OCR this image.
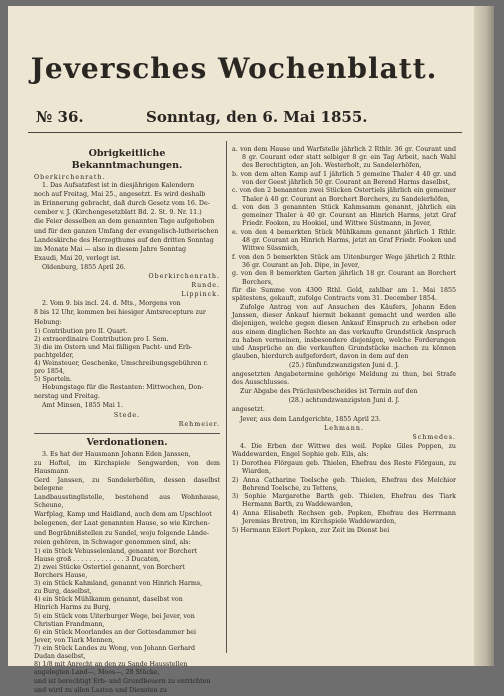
Jeversches Wochenblatt.
№ 36.	Sonntag, den 6. Mai 1855.
Obrigkeitliche Bekanntmachungen.
Oberkirchenrath.
1. Das Aufsatzfest ist in diesjährigen Kalendern
noch auf Freitag, Mai 25., angesetzt. Es wird deshalb
in Erinnerung gebracht, daß durch Gesetz vom 16. De-
cember v. J. (Kirchengesetzblatt Bd. 2. St. 9. Nr. 11.)
die Feier desselben an dem genannten Tage aufgehoben
und für den ganzen Umfang der evangelisch-lutherischen
Landeskirche des Herzogthums auf den dritten Sonntag
im Monate Mai — also in diesem Jahre Sonntag
Exaudi, Mai 20, verlegt ist.
Oldenburg, 1855 April 26.
Oberkirchenrath.
Runde.
Lippinck.
2. Vom 9. bis incl. 24. d. Mts., Morgens von
8 bis 12 Uhr, kommen bei hiesiger Amtsrecepture zur
Hebung:
1) Contribution pro II. Quart.
2) extraordinaire Contribution pro I. Sem.
3) die im Ostern und Mai fälligen Pacht- und Erb-
pachtgelder,
4) Weinsteuer, Geschenke, Umschreibungsgebühren r.
pro 1854,
5) Sporteln.
Hebungstage für die Restanten: Mittwochen, Don-
nerstag und Freitag.
Amt Minsen, 1855 Mai 1.
Stede.
Rehmeier.
Verdonationen.
3. Es hat der Hausmann Johann Eden Janssen,
zu Hoftel, im Kirchspiele Sengwarden, von dem Hausmann
Gerd Janssen, zu Sandelerhöfen, dessen daselbst belegene
Landbausstinglistelle, bestehend aus Wohnhause, Scheune,
Warfplag, Kamp und Haidland, auch dem am Upschloot
belegenen, der Laat genannten Hause, so wie Kirchen-
und Begräbnißstellen zu Sandel, woju folgende Lände-
reien gehören, in Schwager genommen sind, als:
1) ein Stück Vehusselenland, genannt vor Borchert
Hause groß . . . . . . . . . . . . . 3 Ducaten,
2) zwei Stücke Ostertiel genannt, von Borchert
Borchers Hause,
3) ein Stück Kahmland, genannt von Hinrich Harms,
zu Burg, daselbst,
4) ein Stück Mühlkamm genannt, daselbst von
Hinrich Harms zu Burg,
5) ein Stück vom Uiterburger Wege, bei Jever, von
Christian Frandmann,
6) ein Stück Moorlandes an der Gottesdammer bei
Jever, von Tiark Mennen,
7) ein Stück Landes zu Wong, von Johann Gerhard
Dudan daselbst,
8) 1/8 mit Anrecht an den zu Sande Hausstellen
angelegten Land—, Moos—, 28 Stücke,
und ist berechtigt Erb- und Grundbeuern zu entrichten
und wird zu allen Lasten und Diensten zu
a. von dem Hause und Warfstelle jährlich 2 Rthlr. 36 gr. Courant und 8 gr. Courant oder statt selbiger 8 gr. ein Tag Arbeit, nach Wahl des Berechtigten, an Joh. Westerholt, zu Sandelerhöfen,
b. von dem alten Kamp auf 1 jährlich 5 gemeine Thaler 4 40 gr. und von der Geest jährlich 50 gr. Courant an Berend Harms daselbst,
c. von den 2 benannten zwei Stücken Ostertiels jährlich ein gemeiner Thaler à 40 gr. Courant an Borchert Borchers, zu Sandelerhöfen,
d. von den 3 genannten Stück Kahmsamm genannt, jährlich ein gemeiner Thaler à 40 gr. Courant an Hinrich Harms, jetzt Graf Friedr. Fooken, zu Hookiel, und Wittwe Süstmann, in Jever,
e. von den 4 bemerkten Stück Mühlkamm genannt jährlich 1 Rthlr. 48 gr. Courant an Hinrich Harms, jetzt an Graf Friedr. Fooken und Wittwe Süssmich,
f. von den 5 bemerkten Stück am Uitenburger Wege jährlich 2 Rthlr. 36 gr. Courant an Joh. Dipe, in Jever,
g. von den 8 bemerkten Garten jährlich 18 gr. Courant an Borchert Borchers,
für die Summe von 4300 Rthl. Gold, zahlbar am 1. Mai 1855 spätestens, gekauft, zufolge Contracts vom 31. December 1854.
Zufolge Antrag von auf Ansuchen des Käufers, Johann Eden Janssen, dieser Ankauf hiermit bekannt gemacht und werden alle diejenigen, welche gegen diesen Ankauf Einspruch zu erheben oder aus einem dinglichen Rechte an das verkaufte Grundstück Anspruch zu haben vermeinen, insbesondere diejenigen, welche Forderungen und Ansprüche an die verkauften Grundstücke machen zu können glauben, hierdurch aufgefordert, davon in dem auf den
(25.) fünfundzwanzigsten Juni d. J.
angesetzten Angabetermine gehörige Meldung zu thun, bei Strafe des Ausschlusses.
Zur Abgabe des Präclusivbescheides ist Termin auf den
(28.) achtundzwanzigsten Juni d. J.
angesetzt.
Jever, aus dem Landgerichte, 1855 April 23.
Lehmann.
Schmedes.
4. Die Erben der Wittwe des weil. Popke Giles Poppen, zu Waddewarden, Engel Sophie geb. Eils, als:
1) Dorothea Flörgaun geb. Thielen, Ehefrau des Reste Flörgaun, zu Wiarden,
2) Anna Catharine Toelsche geb. Thielen, Ehefrau des Melchior Behrend Toelsche, zu Tettens,
3) Sophie Margarethe Barth geb. Thielen, Ehefrau des Tiark Hermann Barth, zu Waddewarden,
4) Anna Elisabeth Rechsen geb. Popken, Ehefrau des Herrmann Jeremias Bretren, im Kirchspiele Waddewarden,
5) Hermann Eilert Popken, zur Zeit im Dienst bei
